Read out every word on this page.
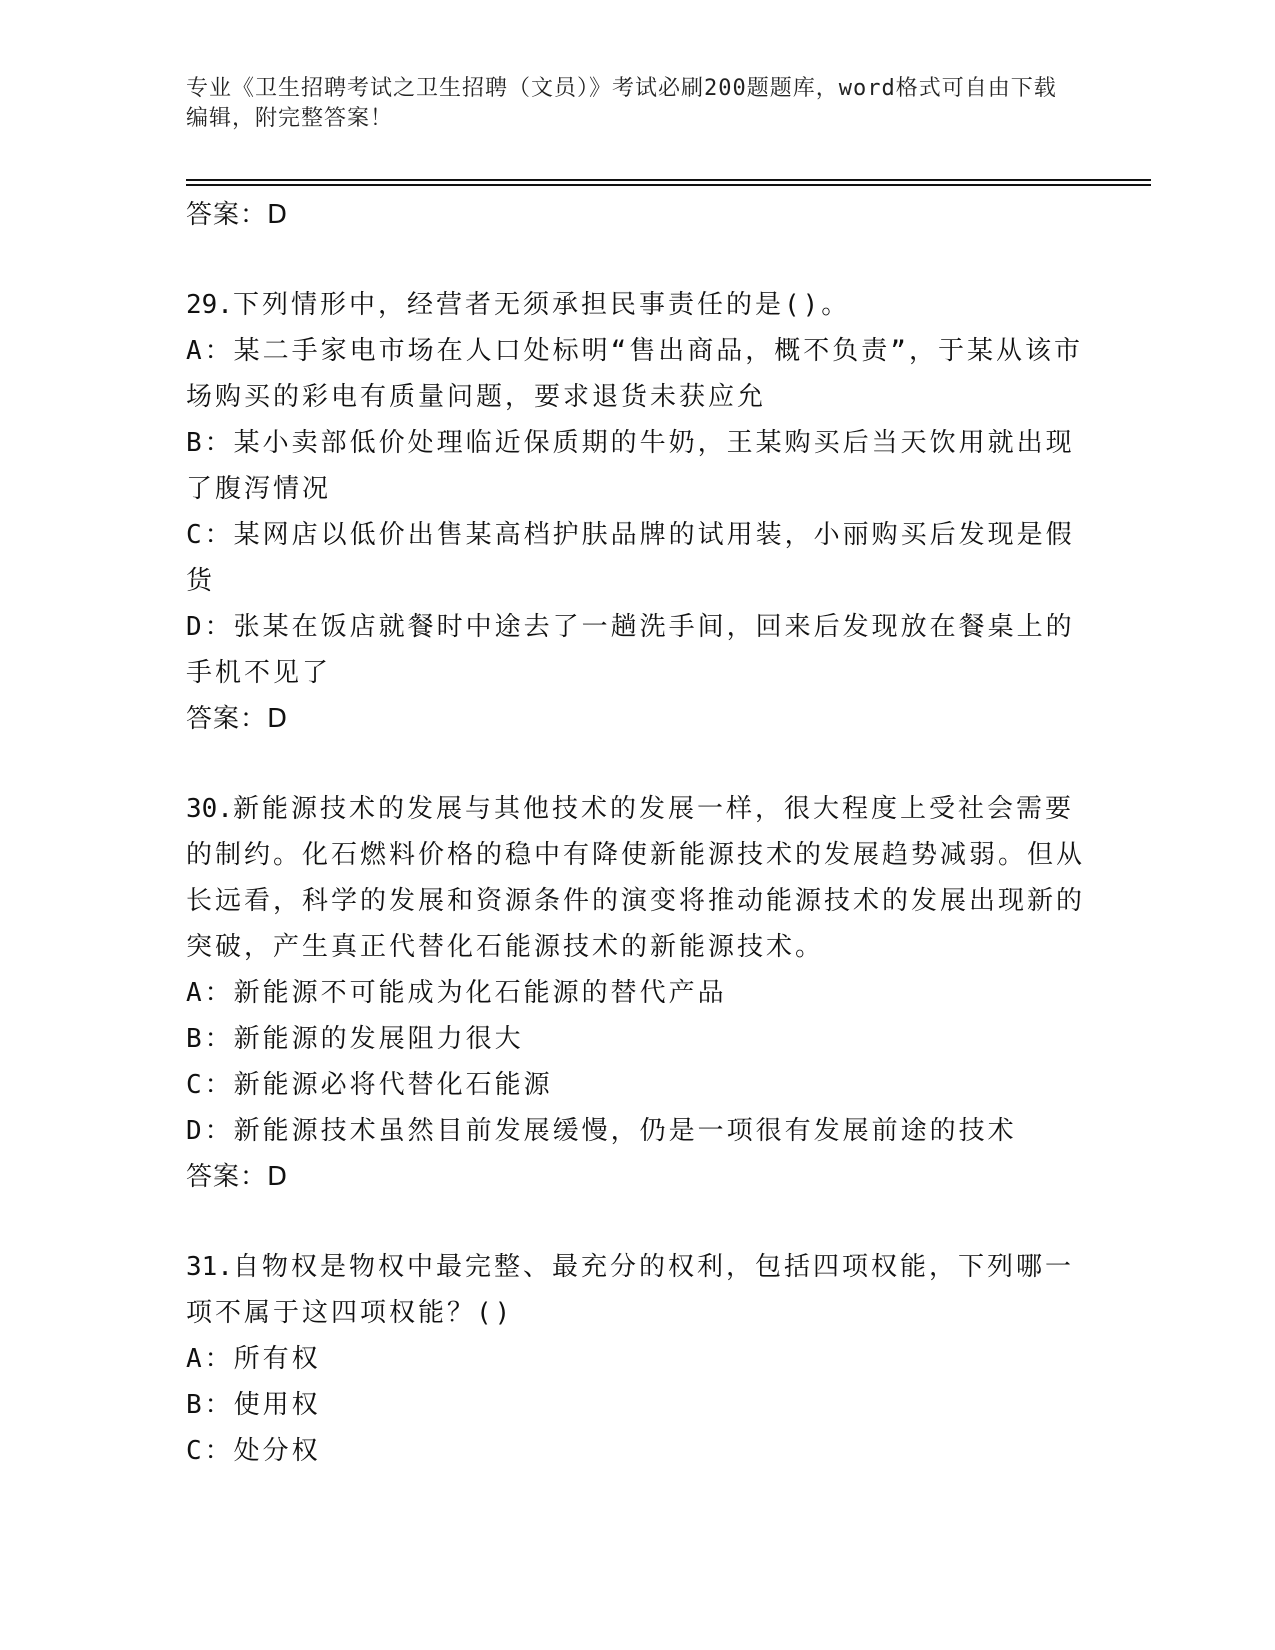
专业《卫生招聘考试之卫生招聘（文员）》考试必刷200题题库，word格式可自由下载编辑，附完整答案！
答案：D
29.下列情形中，经营者无须承担民事责任的是()。
A：某二手家电市场在人口处标明“售出商品，概不负责”，于某从该市场购买的彩电有质量问题，要求退货未获应允
B：某小卖部低价处理临近保质期的牛奶，王某购买后当天饮用就出现了腹泻情况
C：某网店以低价出售某高档护肤品牌的试用装，小丽购买后发现是假货
D：张某在饭店就餐时中途去了一趟洗手间，回来后发现放在餐桌上的手机不见了
答案：D
30.新能源技术的发展与其他技术的发展一样，很大程度上受社会需要的制约。化石燃料价格的稳中有降使新能源技术的发展趋势减弱。但从长远看，科学的发展和资源条件的演变将推动能源技术的发展出现新的突破，产生真正代替化石能源技术的新能源技术。
A：新能源不可能成为化石能源的替代产品
B：新能源的发展阻力很大
C：新能源必将代替化石能源
D：新能源技术虽然目前发展缓慢，仍是一项很有发展前途的技术
答案：D
31.自物权是物权中最完整、最充分的权利，包括四项权能，下列哪一项不属于这四项权能？()
A：所有权
B：使用权
C：处分权
